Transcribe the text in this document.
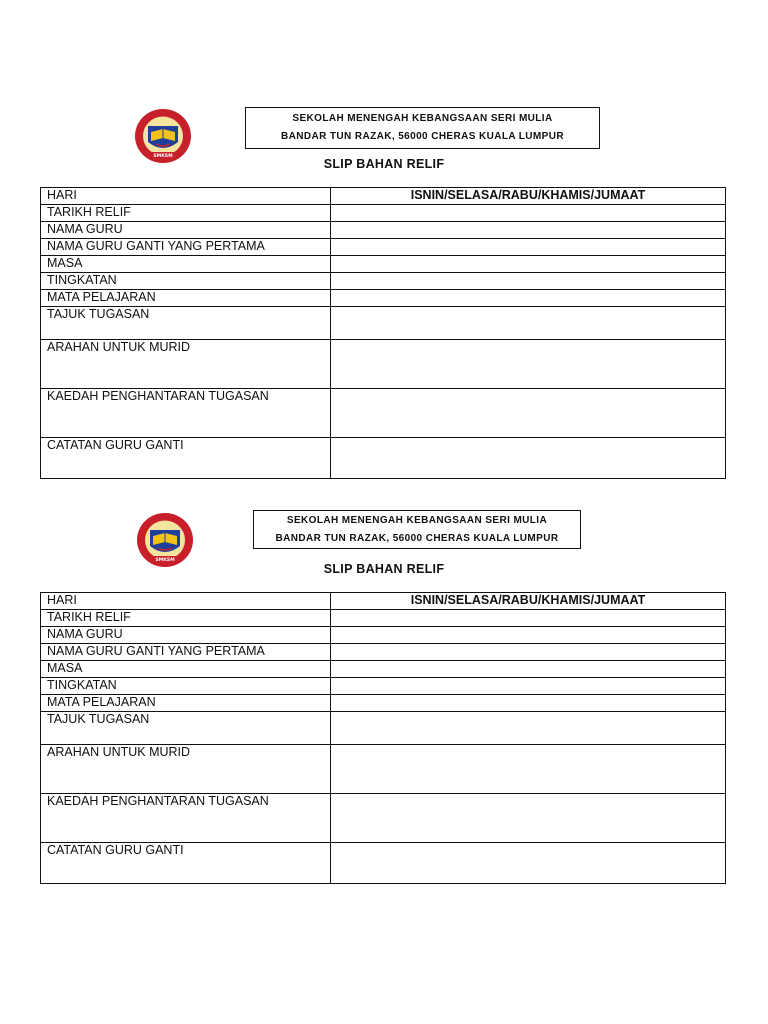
SMKSM
SEKOLAH MENENGAH KEBANGSAAN SERI MULIA
BANDAR TUN RAZAK, 56000 CHERAS KUALA LUMPUR
SLIP BAHAN RELIF
HARI	ISNIN/SELASA/RABU/KHAMIS/JUMAAT
TARIKH RELIF	
NAMA GURU	
NAMA GURU GANTI YANG PERTAMA	
MASA	
TINGKATAN	
MATA PELAJARAN	
TAJUK TUGASAN	
ARAHAN UNTUK MURID	
KAEDAH PENGHANTARAN TUGASAN	
CATATAN GURU GANTI	
SMKSM
SEKOLAH MENENGAH KEBANGSAAN SERI MULIA
BANDAR TUN RAZAK, 56000 CHERAS KUALA LUMPUR
SLIP BAHAN RELIF
HARI	ISNIN/SELASA/RABU/KHAMIS/JUMAAT
TARIKH RELIF	
NAMA GURU	
NAMA GURU GANTI YANG PERTAMA	
MASA	
TINGKATAN	
MATA PELAJARAN	
TAJUK TUGASAN	
ARAHAN UNTUK MURID	
KAEDAH PENGHANTARAN TUGASAN	
CATATAN GURU GANTI	
